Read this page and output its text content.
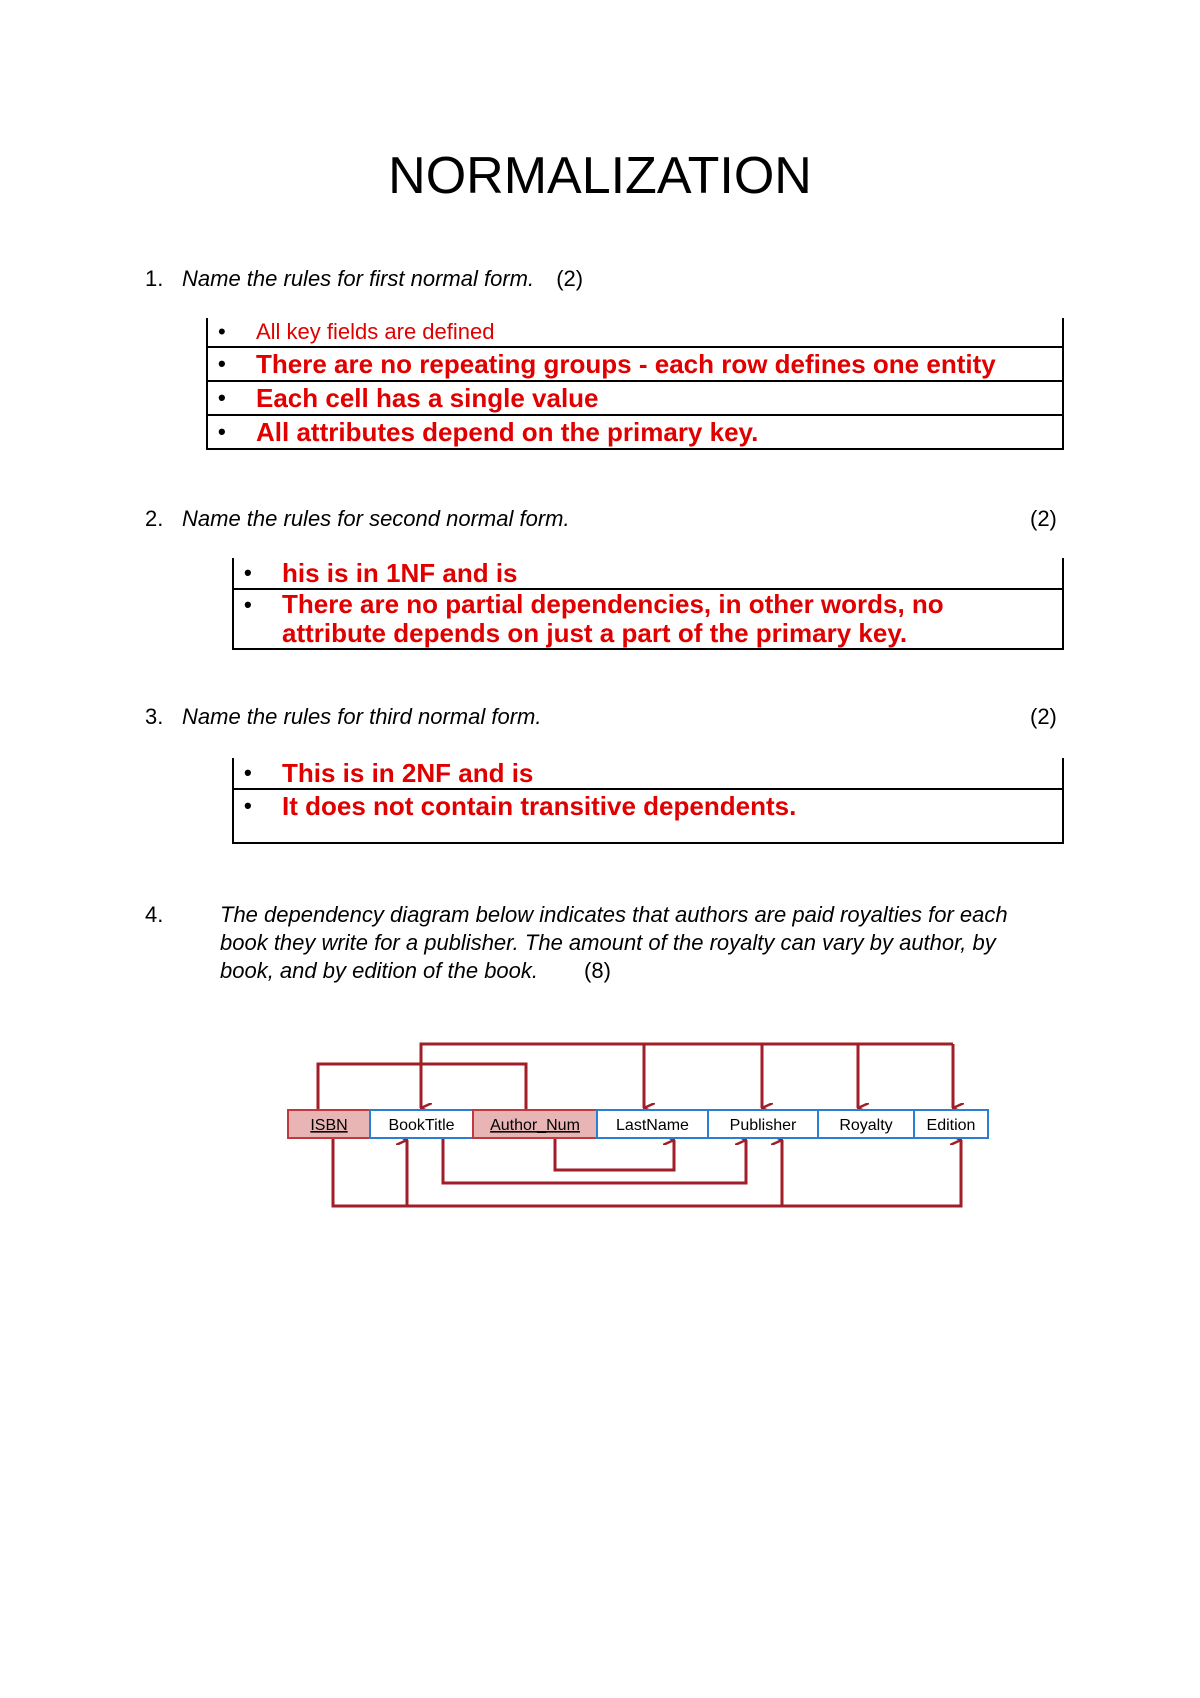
NORMALIZATION
1. Name the rules for first normal form. (2)
• All key fields are defined
• There are no repeating groups - each row defines one entity
• Each cell has a single value
• All attributes depend on the primary key.
2. Name the rules for second normal form.	(2)
• his is in 1NF and is
• There are no partial dependencies, in other words, no attribute depends on just a part of the primary key.
3. Name the rules for third normal form.	(2)
• This is in 2NF and is
• It does not contain transitive dependents.
4.	The dependency diagram below indicates that authors are paid royalties for each book they write for a publisher. The amount of the royalty can vary by author, by book, and by edition of the book. (8)
ISBN	BookTitle Author_Num LastName	Publisher	Royalty Edition
